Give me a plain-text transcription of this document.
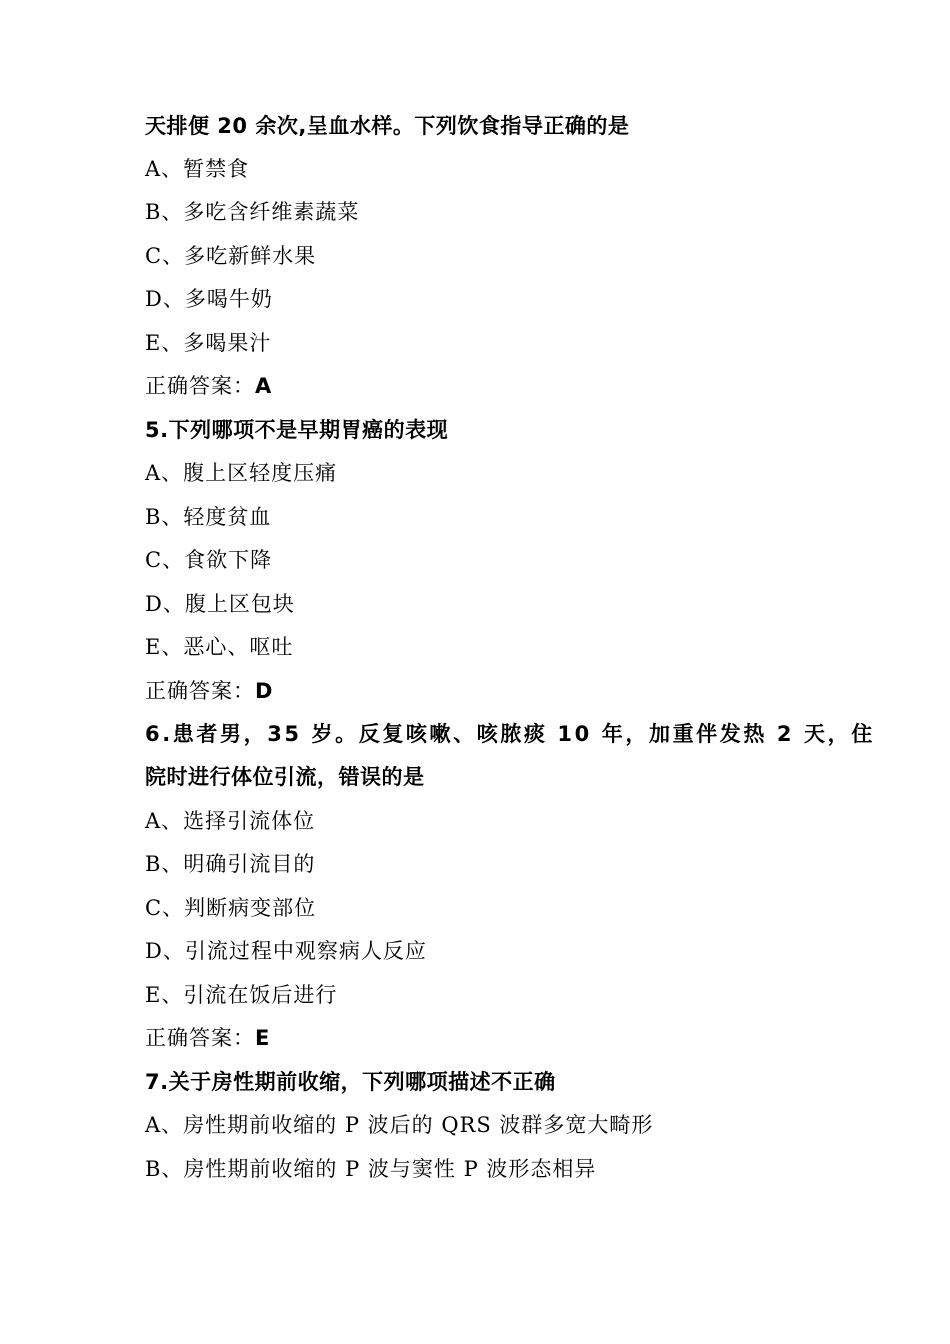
天排便 20 余次,呈血水样。下列饮食指导正确的是
A、暂禁食
B、多吃含纤维素蔬菜
C、多吃新鲜水果
D、多喝牛奶
E、多喝果汁
正确答案：A
5.下列哪项不是早期胃癌的表现
A、腹上区轻度压痛
B、轻度贫血
C、食欲下降
D、腹上区包块
E、恶心、呕吐
正确答案：D
6.患者男，35 岁。反复咳嗽、咳脓痰 10 年，加重伴发热 2 天，住
院时进行体位引流，错误的是
A、选择引流体位
B、明确引流目的
C、判断病变部位
D、引流过程中观察病人反应
E、引流在饭后进行
正确答案：E
7.关于房性期前收缩，下列哪项描述不正确
A、房性期前收缩的 P 波后的 QRS 波群多宽大畸形
B、房性期前收缩的 P 波与窦性 P 波形态相异
